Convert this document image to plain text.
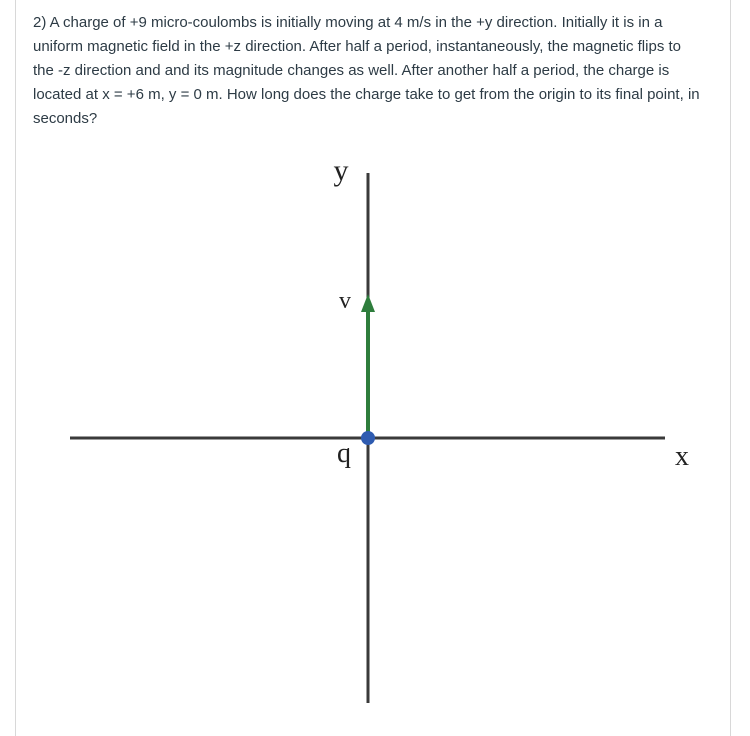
2) A charge of +9 micro-coulombs is initially moving at 4 m/s in the +y direction. Initially it is in a
uniform magnetic field in the +z direction. After half a period, instantaneously, the magnetic flips to
the -z direction and and its magnitude changes as well. After another half a period, the charge is
located at x = +6 m, y = 0 m. How long does the charge take to get from the origin to its final point, in
seconds?

y
v
q	x
